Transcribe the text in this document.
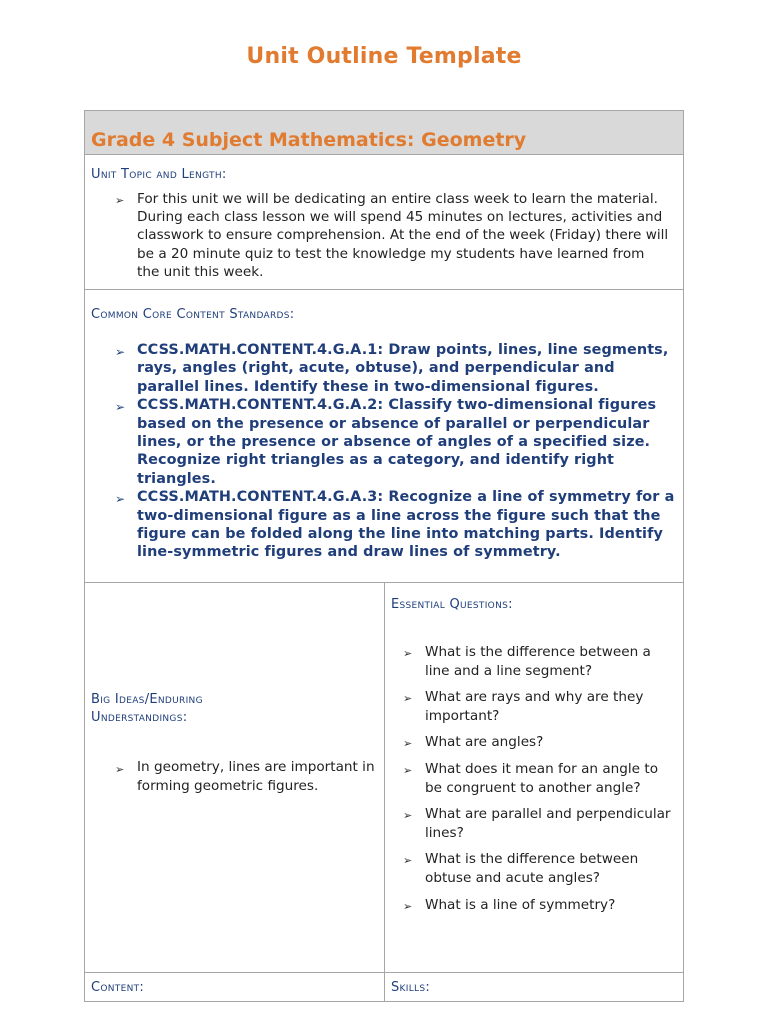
Unit Outline Template
Grade 4 Subject Mathematics: Geometry
Unit Topic and Length:
➢ For this unit we will be dedicating an entire class week to learn the material. During each class lesson we will spend 45 minutes on lectures, activities and classwork to ensure comprehension. At the end of the week (Friday) there will be a 20 minute quiz to test the knowledge my students have learned from the unit this week.
Common Core Content Standards:
➢ CCSS.MATH.CONTENT.4.G.A.1: Draw points, lines, line segments, rays, angles (right, acute, obtuse), and perpendicular and parallel lines. Identify these in two-dimensional figures.
➢ CCSS.MATH.CONTENT.4.G.A.2: Classify two-dimensional figures based on the presence or absence of parallel or perpendicular lines, or the presence or absence of angles of a specified size. Recognize right triangles as a category, and identify right triangles.
➢ CCSS.MATH.CONTENT.4.G.A.3: Recognize a line of symmetry for a two-dimensional figure as a line across the figure such that the figure can be folded along the line into matching parts. Identify line-symmetric figures and draw lines of symmetry.
Big Ideas/Enduring
Understandings:
➢ In geometry, lines are important in forming geometric figures.
Essential Questions:
➢ What is the difference between a line and a line segment?
➢ What are rays and why are they important?
➢ What are angles?
➢ What does it mean for an angle to be congruent to another angle?
➢ What are parallel and perpendicular lines?
➢ What is the difference between obtuse and acute angles?
➢ What is a line of symmetry?
Content:	Skills:
